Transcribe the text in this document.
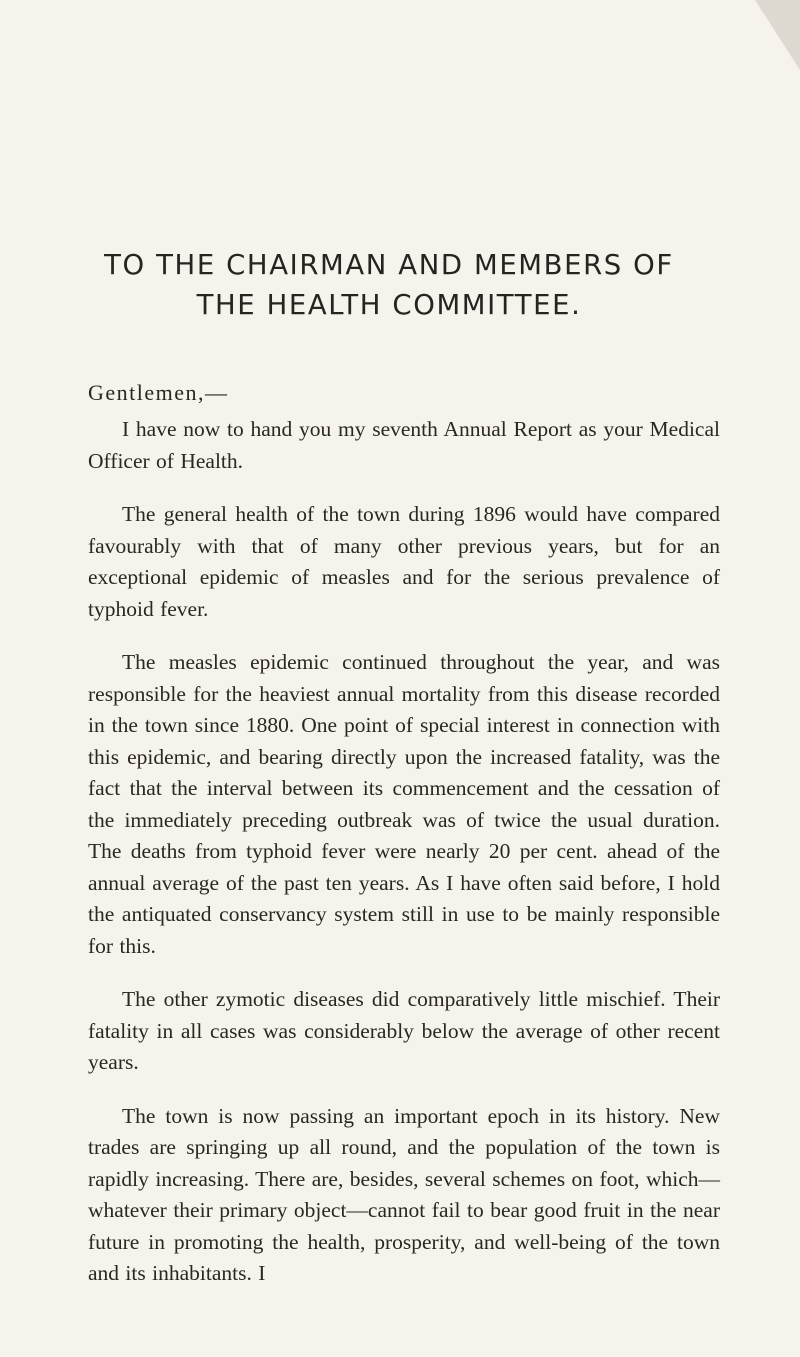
TO THE CHAIRMAN AND MEMBERS OF
THE HEALTH COMMITTEE.

Gentlemen,—

I have now to hand you my seventh Annual Report as your Medical Officer of Health.

The general health of the town during 1896 would have compared favourably with that of many other previous years, but for an exceptional epidemic of measles and for the serious prevalence of typhoid fever.

The measles epidemic continued throughout the year, and was responsible for the heaviest annual mortality from this disease recorded in the town since 1880. One point of special interest in connection with this epidemic, and bearing directly upon the increased fatality, was the fact that the interval between its commencement and the cessation of the immediately preceding outbreak was of twice the usual duration. The deaths from typhoid fever were nearly 20 per cent. ahead of the annual average of the past ten years. As I have often said before, I hold the antiquated conservancy system still in use to be mainly responsible for this.

The other zymotic diseases did comparatively little mischief. Their fatality in all cases was considerably below the average of other recent years.

The town is now passing an important epoch in its history. New trades are springing up all round, and the population of the town is rapidly increasing. There are, besides, several schemes on foot, which—whatever their primary object—cannot fail to bear good fruit in the near future in promoting the health, prosperity, and well-being of the town and its inhabitants. I
